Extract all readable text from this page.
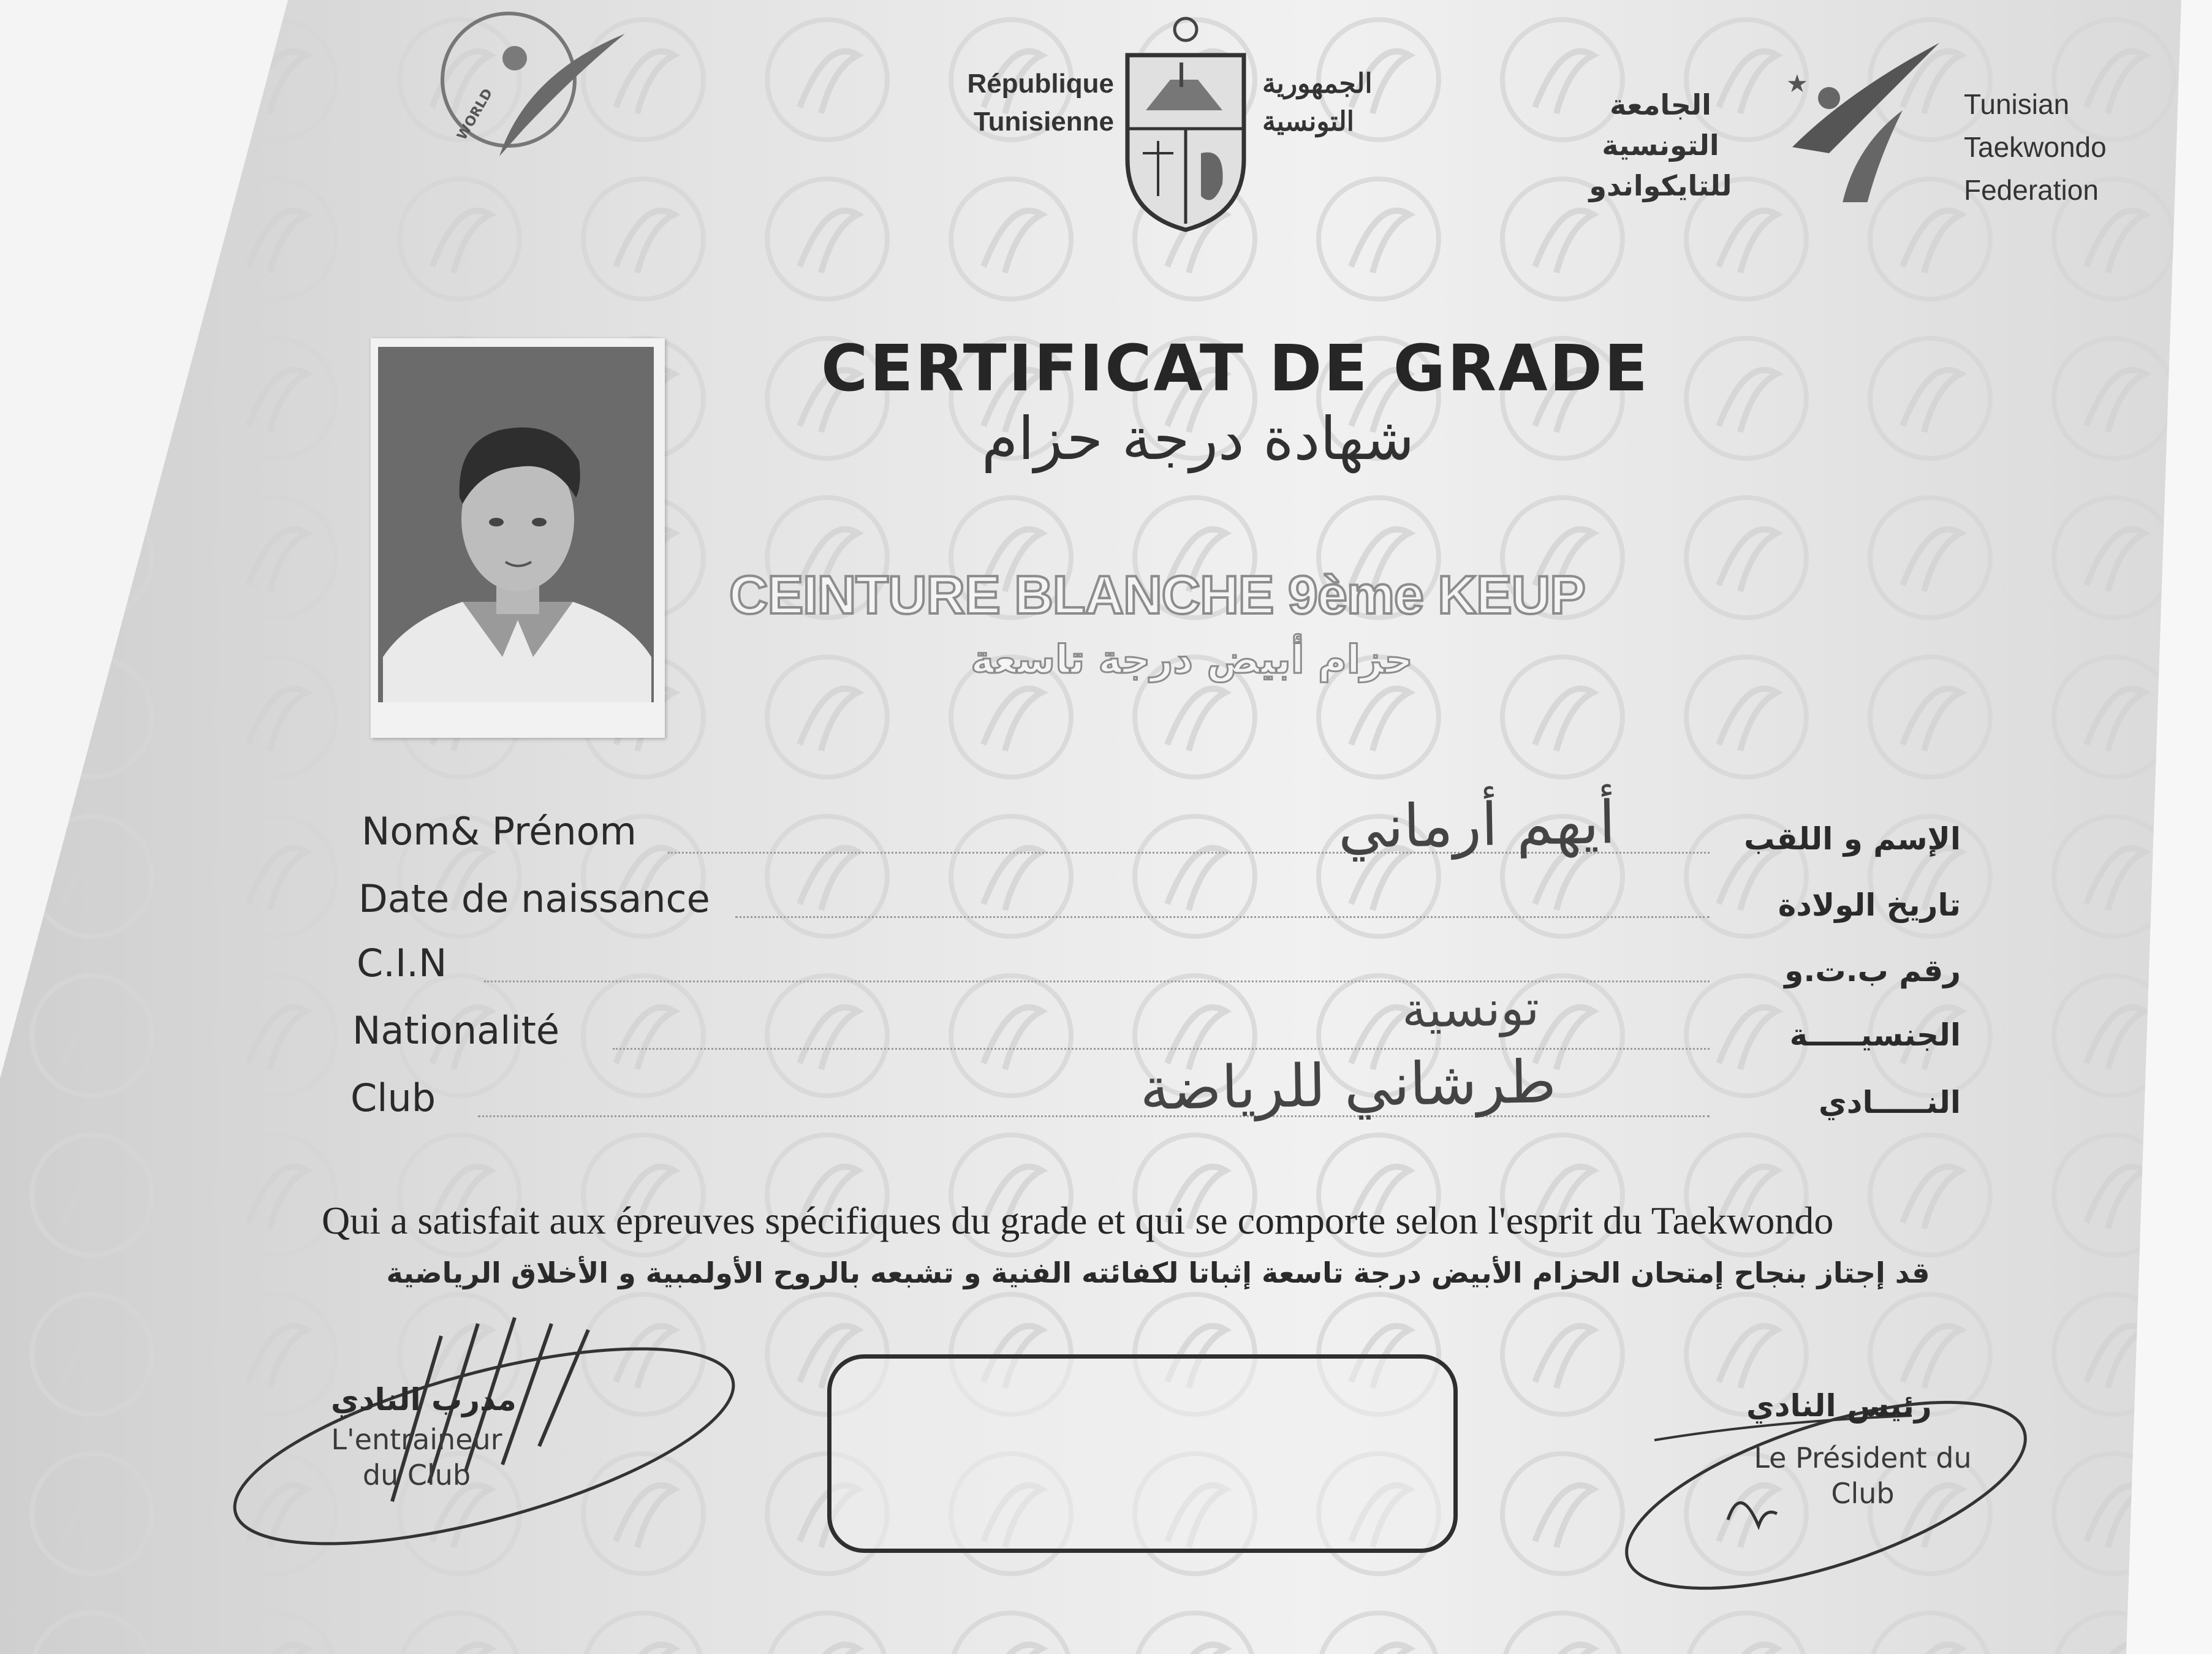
WORLD
République
Tunisienne
الجمهورية
التونسية
الجامعة
التونسية
للتايكواندو
★
Tunisian
Taekwondo
Federation
CERTIFICAT DE GRADE
شهادة درجة حزام
CEINTURE BLANCHE 9ème KEUP
حزام أبيض درجة تاسعة
Nom& Prénom	أيهم أرماني	الإسم و اللقب
Date de naissance	تاريخ الولادة
C.I.N	رقم ب.ت.و
Nationalité	تونسية	الجنسيـــــة
Club	طرشاني للرياضة	النـــــادي
Qui a satisfait aux épreuves spécifiques du grade et qui se comporte selon l'esprit du Taekwondo
قد إجتاز بنجاح إمتحان الحزام الأبيض درجة تاسعة إثباتا لكفائته الفنية و تشبعه بالروح الأولمبية و الأخلاق الرياضية
مدرب النادي
L'entraineur
du Club
رئيس النادي
Le Président du
Club
